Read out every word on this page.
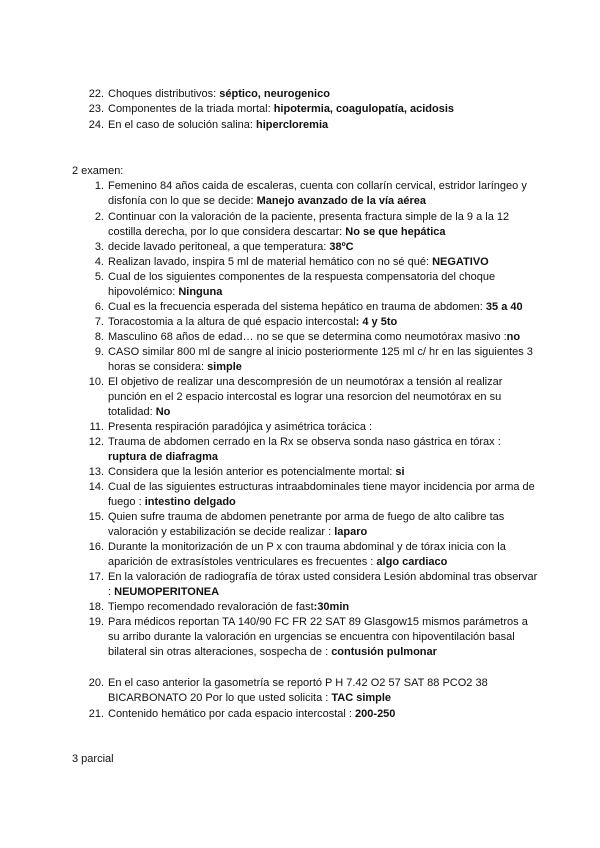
22. Choques distributivos: séptico, neurogenico
23. Componentes de la triada mortal: hipotermia, coagulopatía, acidosis
24. En el caso de solución salina: hipercloremia
2 examen:
1. Femenino 84 años caida de escaleras, cuenta con collarín cervical, estridor laríngeo y disfonía con lo que se decide: Manejo avanzado de la vía aérea
2. Continuar con la valoración de la paciente, presenta fractura simple de la 9 a la 12 costilla derecha, por lo que considera descartar: No se que hepática
3. decide lavado peritoneal, a que temperatura: 38ºC
4. Realizan lavado, inspira 5 ml de material hemático con no sé qué: NEGATIVO
5. Cual de los siguientes componentes de la respuesta compensatoria del choque hipovolémico: Ninguna
6. Cual es la frecuencia esperada del sistema hepático en trauma de abdomen: 35 a 40
7. Toracostomia a la altura de qué espacio intercostal: 4 y 5to
8. Masculino 68 años de edad… no se que se determina como neumotórax masivo :no
9. CASO similar 800 ml de sangre al inicio posteriormente 125 ml c/ hr en las siguientes 3 horas se considera: simple
10. El objetivo de realizar una descompresión de un neumotórax a tensión al realizar punción en el 2 espacio intercostal es lograr una resorcion del neumotórax en su totalidad: No
11. Presenta respiración paradójica y asimétrica torácica :
12. Trauma de abdomen cerrado en la Rx se observa sonda naso gástrica en tórax : ruptura de diafragma
13. Considera que la lesión anterior es potencialmente mortal: si
14. Cual de las siguientes estructuras intraabdominales tiene mayor incidencia por arma de fuego : intestino delgado
15. Quien sufre trauma de abdomen penetrante por arma de fuego de alto calibre tas valoración y estabilización se decide realizar : laparo
16. Durante la monitorización de un P x con trauma abdominal y de tórax inicia con la aparición de extrasístoles ventriculares es frecuentes : algo cardiaco
17. En la valoración de radiografía de tórax usted considera Lesión abdominal tras observar : NEUMOPERITONEA
18. Tiempo recomendado revaloración de fast:30min
19. Para médicos reportan TA 140/90 FC FR 22 SAT 89 Glasgow15 mismos parámetros a su arribo durante la valoración en urgencias se encuentra con hipoventilación basal bilateral sin otras alteraciones, sospecha de : contusión pulmonar
20. En el caso anterior la gasometría se reportó P H 7.42 O2 57 SAT 88 PCO2 38 BICARBONATO 20 Por lo que usted solicita : TAC simple
21. Contenido hemático por cada espacio intercostal : 200-250
3 parcial
